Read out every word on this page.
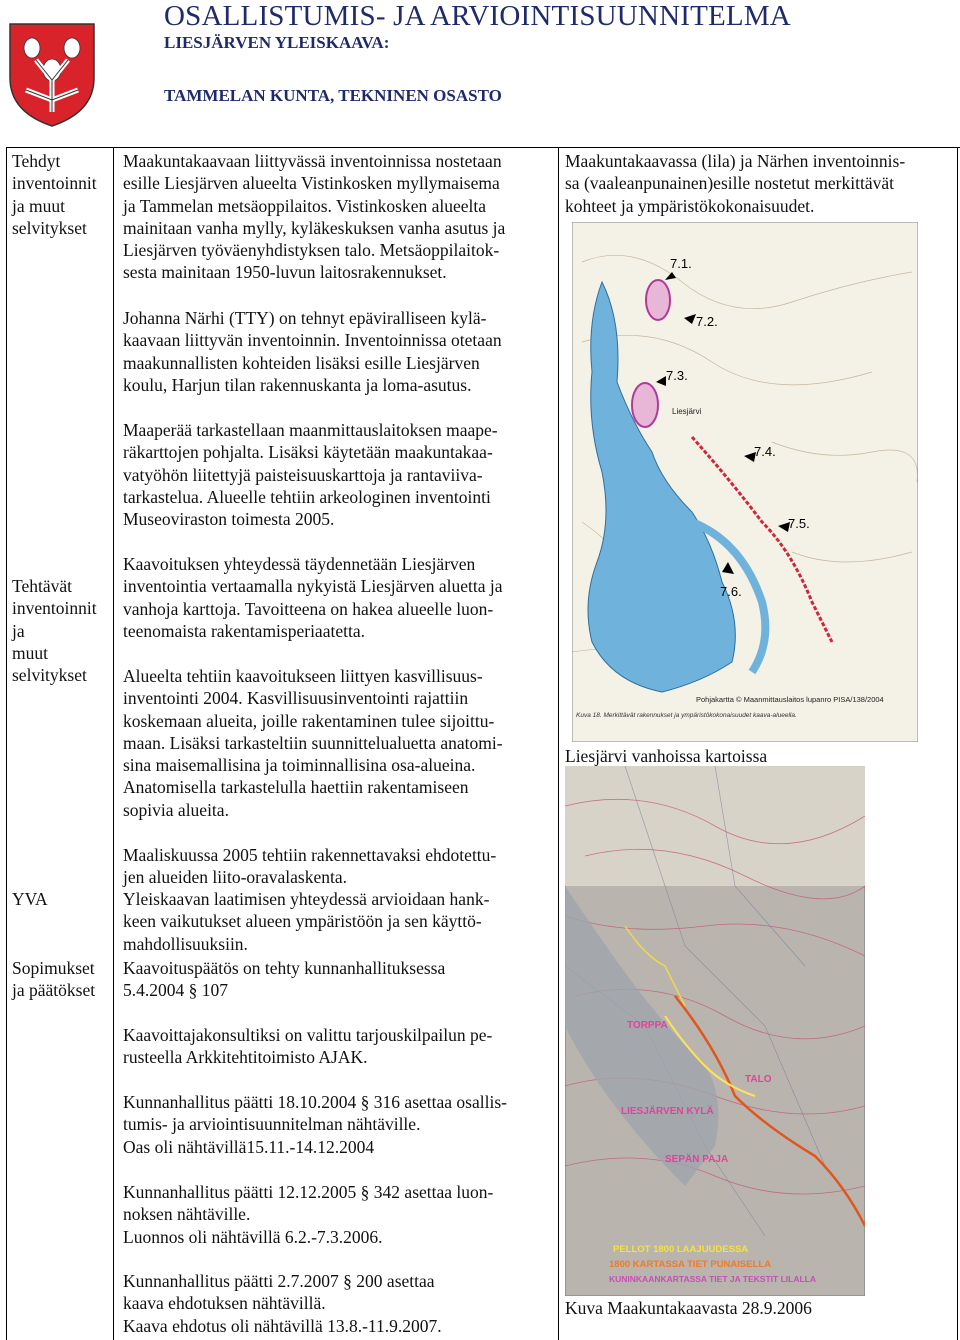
OSALLISTUMIS- JA ARVIOINTISUUNNITELMA
LIESJÄRVEN YLEISKAAVA:
TAMMELAN KUNTA, TEKNINEN OSASTO
Tehdyt
inventoinnit
ja muut
selvitykset
Tehtävät
inventoinnit
ja
muut
selvitykset
YVA
Sopimukset
ja päätökset

Maakuntakaavaan liittyvässä inventoinnissa nostetaan

esille Liesjärven alueelta Vistinkosken myllymaisema

ja Tammelan metsäoppilaitos. Vistinkosken alueelta

mainitaan vanha mylly, kyläkeskuksen vanha asutus ja

Liesjärven työväenyhdistyksen talo. Metsäoppilaitok-

sesta mainitaan 1950-luvun laitosrakennukset.

Johanna Närhi (TTY) on tehnyt epäviralliseen kylä-

kaavaan liittyvän inventoinnin. Inventoinnissa otetaan

maakunnallisten kohteiden lisäksi esille Liesjärven

koulu, Harjun tilan rakennuskanta ja loma-asutus.

Maaperää tarkastellaan maanmittauslaitoksen maape-

räkarttojen pohjalta. Lisäksi käytetään maakuntakaa-

vatyöhön liitettyjä paisteisuuskarttoja ja rantaviiva-

tarkastelua. Alueelle tehtiin arkeologinen inventointi

Museoviraston toimesta 2005.

Kaavoituksen yhteydessä täydennetään Liesjärven

inventointia vertaamalla nykyistä Liesjärven aluetta ja

vanhoja karttoja. Tavoitteena on hakea alueelle luon-

teenomaista rakentamisperiaatetta.

Alueelta tehtiin kaavoitukseen liittyen kasvillisuus-

inventointi 2004. Kasvillisuusinventointi rajattiin

koskemaan alueita, joille rakentaminen tulee sijoittu-

maan. Lisäksi tarkasteltiin suunnittelualuetta anatomi-

sina maisemallisina ja toiminnallisina osa-alueina.

Anatomisella tarkastelulla haettiin rakentamiseen

sopivia alueita.

Maaliskuussa 2005 tehtiin rakennettavaksi ehdotettu-

jen alueiden liito-oravalaskenta.

Yleiskaavan laatimisen yhteydessä arvioidaan hank-

keen vaikutukset alueen ympäristöön ja sen käyttö-

mahdollisuuksiin.

Kaavoituspäätös on tehty kunnanhallituksessa

5.4.2004 § 107

Kaavoittajakonsultiksi on valittu tarjouskilpailun pe-

rusteella Arkkitehtitoimisto AJAK.

Kunnanhallitus päätti 18.10.2004 § 316 asettaa osallis-

tumis- ja arviointisuunnitelman nähtäville.

Oas oli nähtävillä15.11.-14.12.2004

Kunnanhallitus päätti 12.12.2005 § 342 asettaa luon-

noksen nähtäville.

Luonnos oli nähtävillä 6.2.-7.3.2006.

Kunnanhallitus päätti 2.7.2007 § 200 asettaa

kaava ehdotuksen nähtävillä.

Kaava ehdotus oli nähtävillä 13.8.-11.9.2007.

Maakuntakaavassa (lila) ja Närhen inventoinnis-
sa (vaaleanpunainen)esille nostetut merkittävät
kohteet ja ympäristökokonaisuudet.
Liesjärvi vanhoissa kartoissa
Kuva Maakuntakaavasta 28.9.2006
7.1.
7.2.
7.3.
7.4.
7.5.
7.6.
Liesjärvi
Pohjakartta © Maanmittauslaitos lupanro PISA/138/2004
Kuva 18. Merkittävät rakennukset ja ympäristökokonaisuudet kaava-alueella.
TORPPA
TALO
LIESJÄRVEN KYLÄ
SEPÄN PAJA
PELLOT 1800 LAAJUUDESSA
1800 KARTASSA TIET PUNAISELLA
KUNINKAANKARTASSA TIET JA TEKSTIT LILALLA
